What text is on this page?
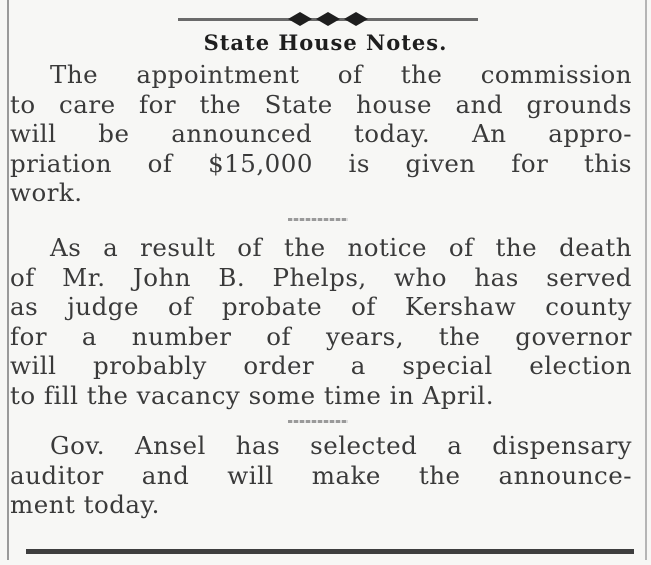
State House Notes.

The appointment of the commission
to care for the State house and grounds
will be announced today. An appro-
priation of $15,000 is given for this
work.

As a result of the notice of the death
of Mr. John B. Phelps, who has served
as judge of probate of Kershaw county
for a number of years, the governor
will probably order a special election
to fill the vacancy some time in April.

Gov. Ansel has selected a dispensary
auditor and will make the announce-
ment today.
